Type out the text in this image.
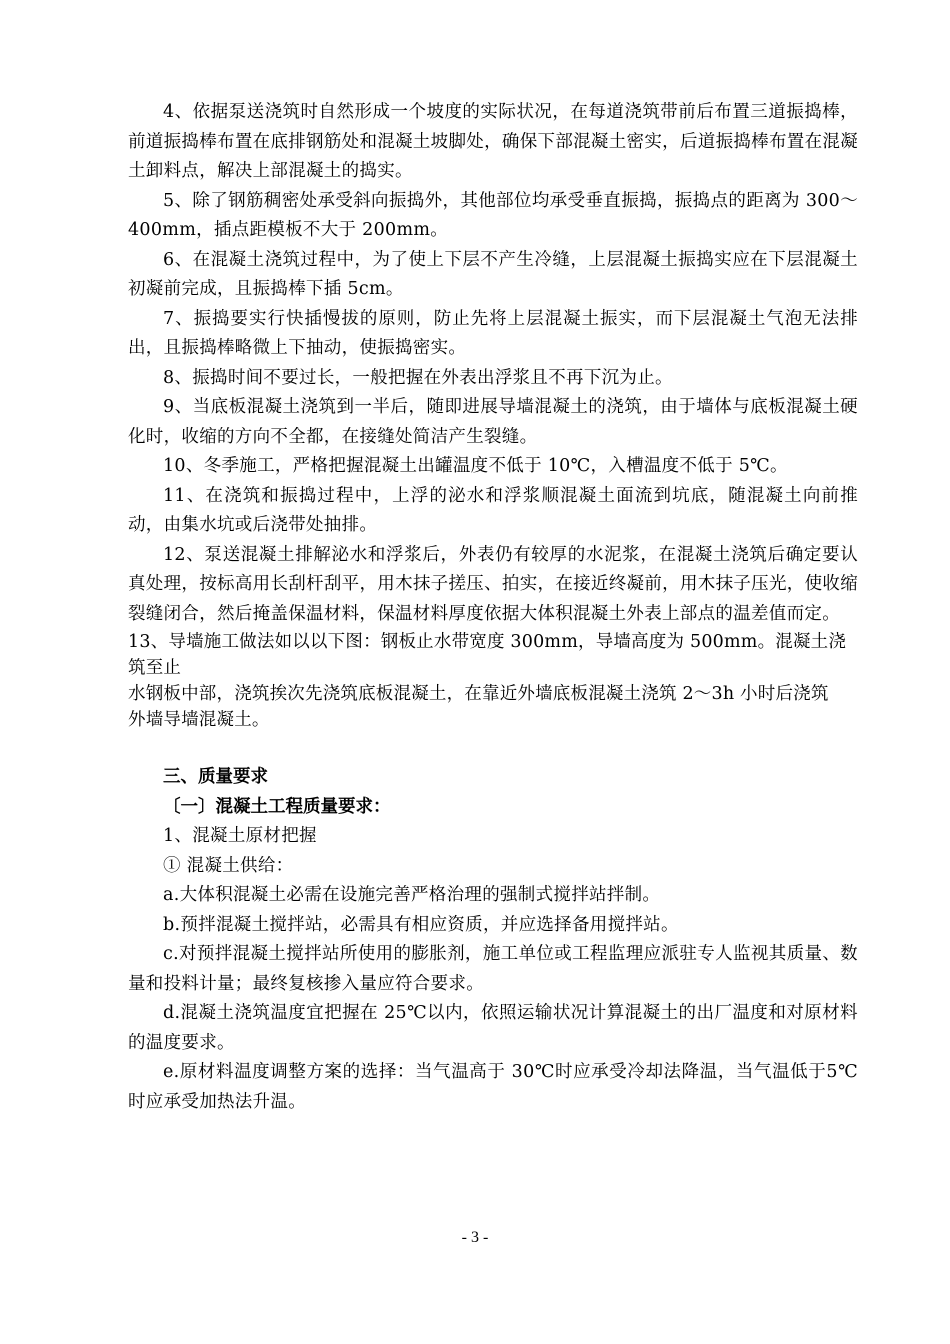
4、依据泵送浇筑时自然形成一个坡度的实际状况，在每道浇筑带前后布置三道振捣棒，前道振捣棒布置在底排钢筋处和混凝土坡脚处，确保下部混凝土密实，后道振捣棒布置在混凝土卸料点，解决上部混凝土的捣实。

5、除了钢筋稠密处承受斜向振捣外，其他部位均承受垂直振捣，振捣点的距离为 300～400mm，插点距模板不大于 200mm。

6、在混凝土浇筑过程中，为了使上下层不产生冷缝，上层混凝土振捣实应在下层混凝土初凝前完成，且振捣棒下插 5cm。

7、振捣要实行快插慢拔的原则，防止先将上层混凝土振实，而下层混凝土气泡无法排出，且振捣棒略微上下抽动，使振捣密实。

8、振捣时间不要过长，一般把握在外表出浮浆且不再下沉为止。

9、当底板混凝土浇筑到一半后，随即进展导墙混凝土的浇筑，由于墙体与底板混凝土硬化时，收缩的方向不全都，在接缝处简洁产生裂缝。

10、冬季施工，严格把握混凝土出罐温度不低于 10℃，入槽温度不低于 5℃。

11、在浇筑和振捣过程中，上浮的泌水和浮浆顺混凝土面流到坑底，随混凝土向前推动，由集水坑或后浇带处抽排。

12、泵送混凝土排解泌水和浮浆后，外表仍有较厚的水泥浆，在混凝土浇筑后确定要认真处理，按标高用长刮杆刮平，用木抹子搓压、拍实，在接近终凝前，用木抹子压光，使收缩裂缝闭合，然后掩盖保温材料，保温材料厚度依据大体积混凝土外表上部点的温差值而定。

13、导墙施工做法如以以下图：钢板止水带宽度 300mm，导墙高度为 500mm。混凝土浇筑至止

水钢板中部，浇筑挨次先浇筑底板混凝土，在靠近外墙底板混凝土浇筑 2～3h 小时后浇筑

外墙导墙混凝土。

三、质量要求

〔一〕混凝土工程质量要求：

1、混凝土原材把握

① 混凝土供给：

a.大体积混凝土必需在设施完善严格治理的强制式搅拌站拌制。

b.预拌混凝土搅拌站，必需具有相应资质，并应选择备用搅拌站。

c.对预拌混凝土搅拌站所使用的膨胀剂，施工单位或工程监理应派驻专人监视其质量、数量和投料计量；最终复核掺入量应符合要求。

d.混凝土浇筑温度宜把握在 25℃以内，依照运输状况计算混凝土的出厂温度和对原材料的温度要求。

e.原材料温度调整方案的选择：当气温高于 30℃时应承受冷却法降温，当气温低于5℃ 时应承受加热法升温。

- 3 -
